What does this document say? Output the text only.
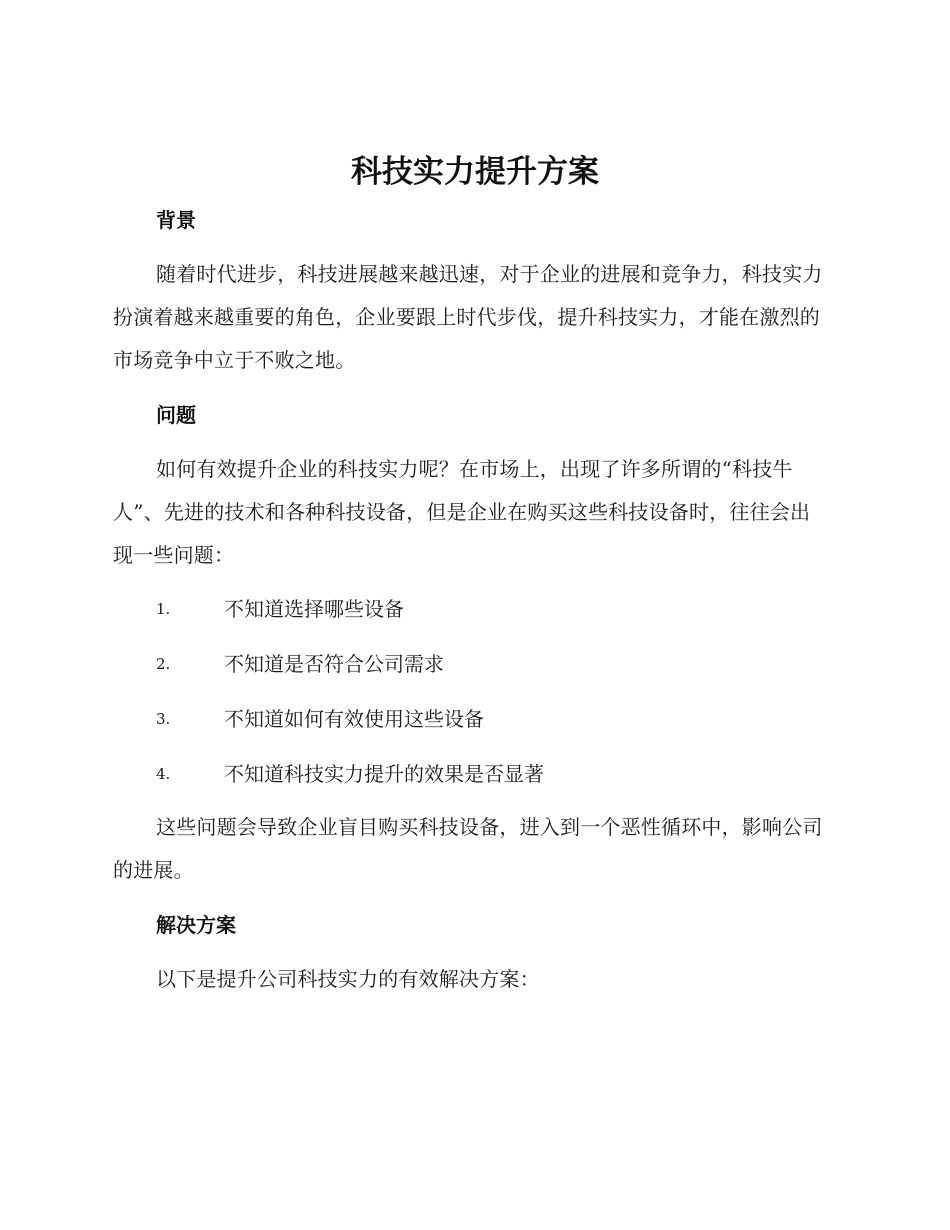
科技实力提升方案
背景

随着时代进步，科技进展越来越迅速，对于企业的进展和竞争力，科技实力扮演着越来越重要的角色，企业要跟上时代步伐，提升科技实力，才能在激烈的市场竞争中立于不败之地。

问题

如何有效提升企业的科技实力呢？在市场上，出现了许多所谓的“科技牛人”、先进的技术和各种科技设备，但是企业在购买这些科技设备时，往往会出现一些问题：

1.	不知道选择哪些设备
2.	不知道是否符合公司需求
3.	不知道如何有效使用这些设备
4.	不知道科技实力提升的效果是否显著

这些问题会导致企业盲目购买科技设备，进入到一个恶性循环中，影响公司的进展。

解决方案

以下是提升公司科技实力的有效解决方案：
